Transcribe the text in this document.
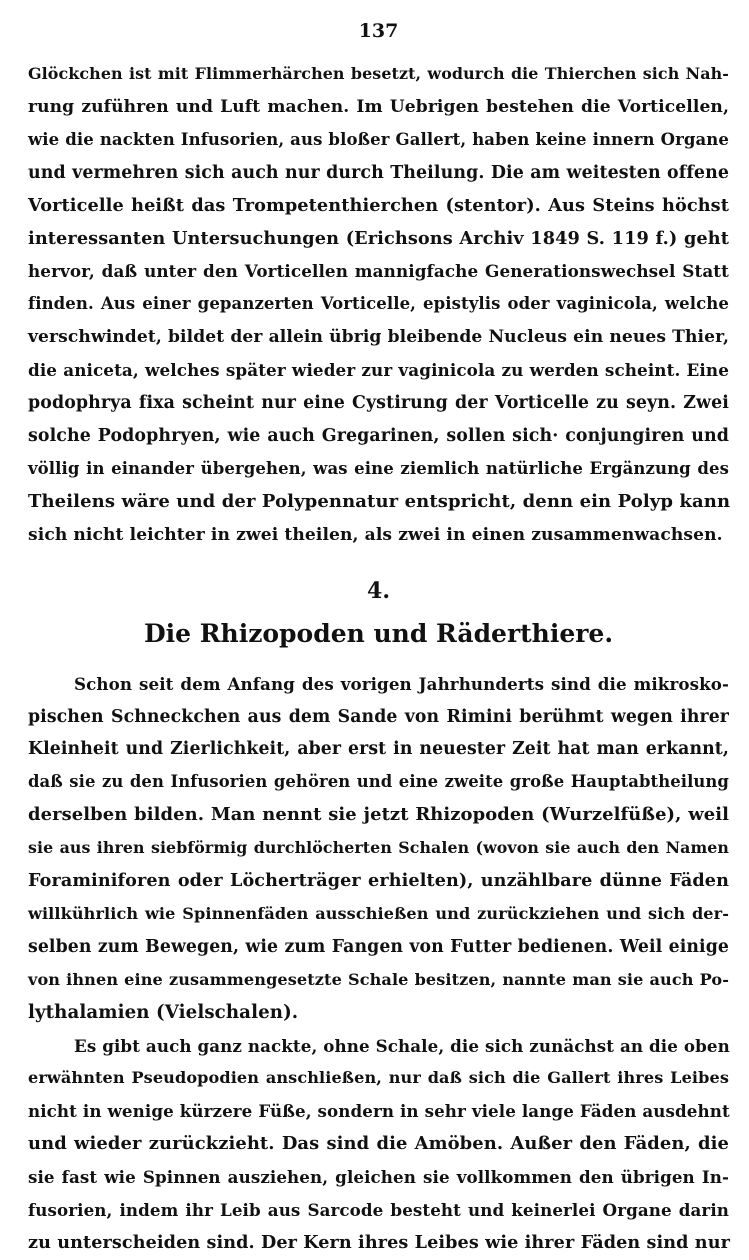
137

Glöckchen ist mit Flimmerhärchen besetzt, wodurch die Thierchen sich Nah-

rung zuführen und Luft machen. Im Uebrigen bestehen die Vorticellen,

wie die nackten Infusorien, aus bloßer Gallert, haben keine innern Organe

und vermehren sich auch nur durch Theilung. Die am weitesten offene

Vorticelle heißt das Trompetenthierchen (stentor). Aus Steins höchst

interessanten Untersuchungen (Erichsons Archiv 1849 S. 119 f.) geht

hervor, daß unter den Vorticellen mannigfache Generationswechsel Statt

finden. Aus einer gepanzerten Vorticelle, epistylis oder vaginicola, welche

verschwindet, bildet der allein übrig bleibende Nucleus ein neues Thier,

die aniceta, welches später wieder zur vaginicola zu werden scheint. Eine

podophrya fixa scheint nur eine Cystirung der Vorticelle zu seyn. Zwei

solche Podophryen, wie auch Gregarinen, sollen sich· conjungiren und

völlig in einander übergehen, was eine ziemlich natürliche Ergänzung des

Theilens wäre und der Polypennatur entspricht, denn ein Polyp kann

sich nicht leichter in zwei theilen, als zwei in einen zusammenwachsen.

4.
Die Rhizopoden und Räderthiere.

Schon seit dem Anfang des vorigen Jahrhunderts sind die mikrosko-

pischen Schneckchen aus dem Sande von Rimini berühmt wegen ihrer

Kleinheit und Zierlichkeit, aber erst in neuester Zeit hat man erkannt,

daß sie zu den Infusorien gehören und eine zweite große Hauptabtheilung

derselben bilden. Man nennt sie jetzt Rhizopoden (Wurzelfüße), weil

sie aus ihren siebförmig durchlöcherten Schalen (wovon sie auch den Namen

Foraminiforen oder Löcherträger erhielten), unzählbare dünne Fäden

willkührlich wie Spinnenfäden ausschießen und zurückziehen und sich der-

selben zum Bewegen, wie zum Fangen von Futter bedienen. Weil einige

von ihnen eine zusammengesetzte Schale besitzen, nannte man sie auch Po-

lythalamien (Vielschalen).

Es gibt auch ganz nackte, ohne Schale, die sich zunächst an die oben

erwähnten Pseudopodien anschließen, nur daß sich die Gallert ihres Leibes

nicht in wenige kürzere Füße, sondern in sehr viele lange Fäden ausdehnt

und wieder zurückzieht. Das sind die Amöben. Außer den Fäden, die

sie fast wie Spinnen ausziehen, gleichen sie vollkommen den übrigen In-

fusorien, indem ihr Leib aus Sarcode besteht und keinerlei Organe darin

zu unterscheiden sind. Der Kern ihres Leibes wie ihrer Fäden sind nur
